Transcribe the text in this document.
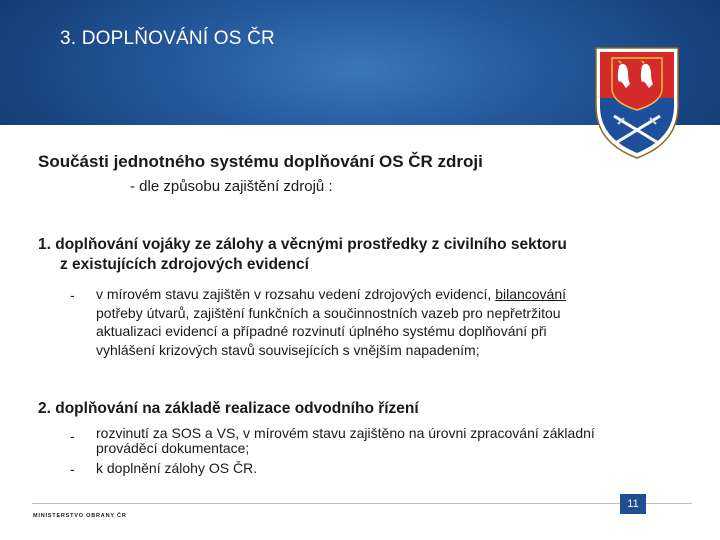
3. DOPLŇOVÁNÍ OS ČR
Součásti jednotného systému doplňování OS ČR zdroji
- dle způsobu zajištění zdrojů :
1. doplňování vojáky ze zálohy a věcnými prostředky z civilního sektoru
z existujících zdrojových evidencí
- v mírovém stavu zajištěn v rozsahu vedení zdrojových evidencí, bilancování
potřeby útvarů, zajištění funkčních a součinnostních vazeb pro nepřetržitou
aktualizaci evidencí a případné rozvinutí úplného systému doplňování při
vyhlášení krizových stavů souvisejících s vnějším napadením;
2. doplňování na základě realizace odvodního řízení
- rozvinutí za SOS a VS, v mírovém stavu zajištěno na úrovni zpracování základní
prováděcí dokumentace;
- k doplnění zálohy OS ČR.
11
MINISTERSTVO OBRANY ČR
